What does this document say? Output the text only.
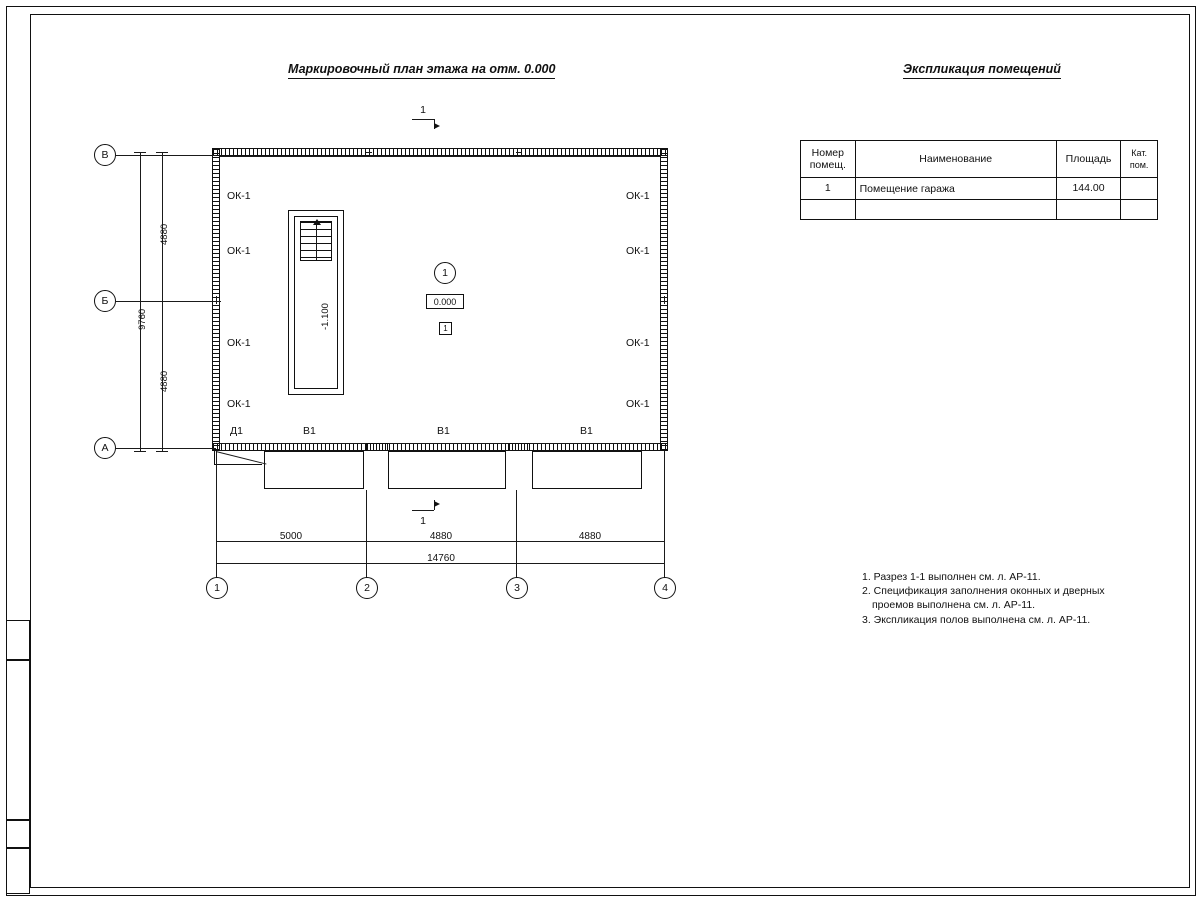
Маркировочный план этажа на отм. 0.000	Экспликация помещений
1
ОК-1
ОК-1
ОК-1
ОК-1
ОК-1
ОК-1
ОК-1
ОК-1
-1.100
1
0.000
1
Д1	В1	В1	В1
В
Б
А
4880
4880
9760
1
5000	4880	4880
14760
1	2	3	4
Номер
помещ.	Наименование	Площадь	Кат.
пом.
1	Помещение гаража	144.00	

1. Разрез 1-1 выполнен см. л. АР-11.
2. Спецификация заполнения оконных и дверных
проемов выполнена см. л. АР-11.
3. Экспликация полов выполнена см. л. АР-11.
